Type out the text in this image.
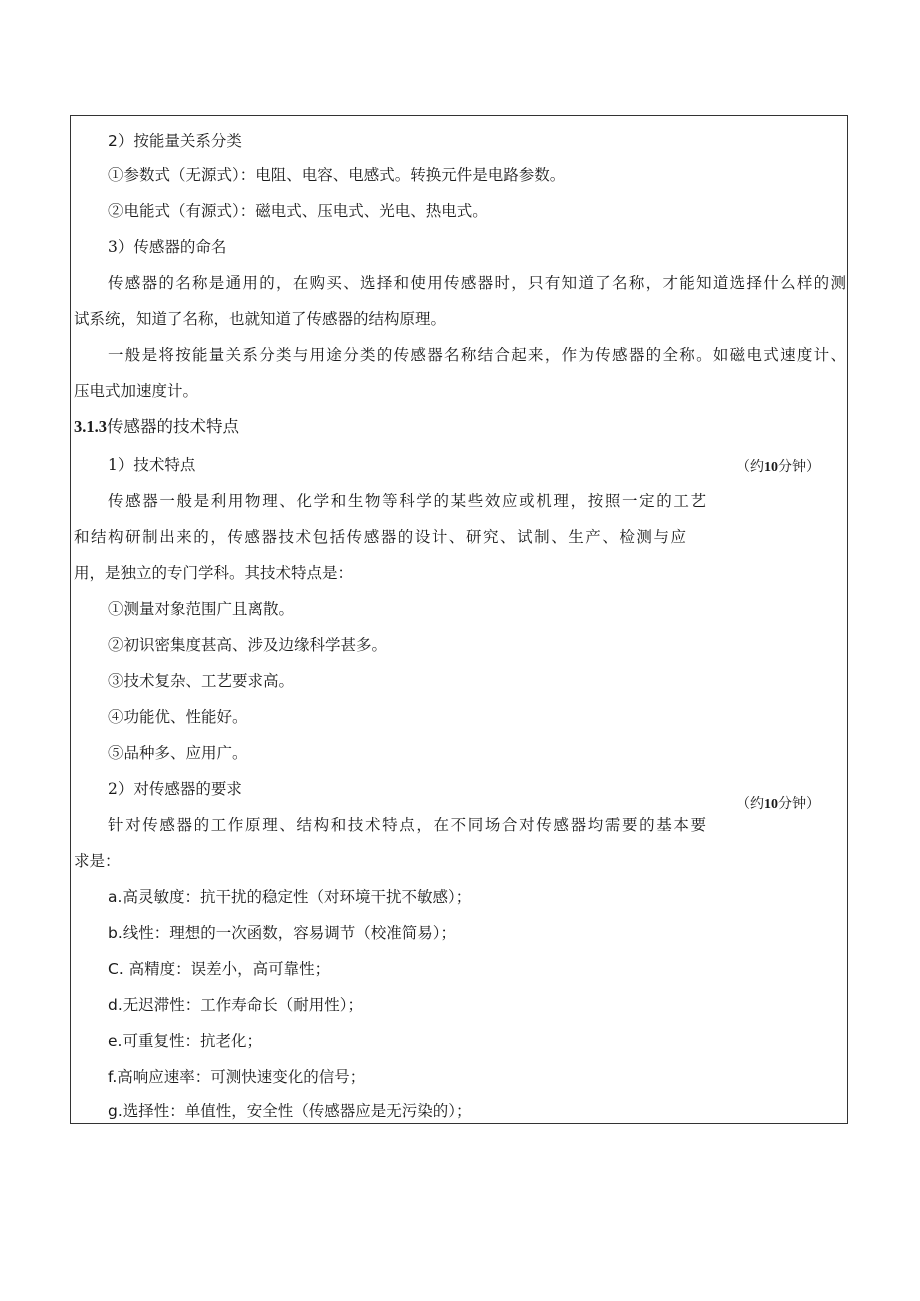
2）按能量关系分类
①参数式（无源式）：电阻、电容、电感式。转换元件是电路参数。
②电能式（有源式）：磁电式、压电式、光电、热电式。
3）传感器的命名
传感器的名称是通用的，在购买、选择和使用传感器时，只有知道了名称，才能知道选择什么样的测
试系统，知道了名称，也就知道了传感器的结构原理。
一般是将按能量关系分类与用途分类的传感器名称结合起来，作为传感器的全称。如磁电式速度计、
压电式加速度计。
3.1.3传感器的技术特点
1）技术特点	（约10分钟）
传感器一般是利用物理、化学和生物等科学的某些效应或机理，按照一定的工艺
和结构研制出来的，传感器技术包括传感器的设计、研究、试制、生产、检测与应
用，是独立的专门学科。其技术特点是：
①测量对象范围广且离散。
②初识密集度甚高、涉及边缘科学甚多。
③技术复杂、工艺要求高。
④功能优、性能好。
⑤品种多、应用广。
2）对传感器的要求
（约10分钟）
针对传感器的工作原理、结构和技术特点，在不同场合对传感器均需要的基本要
求是：
a.高灵敏度：抗干扰的稳定性（对环境干扰不敏感）；
b.线性：理想的一次函数，容易调节（校准简易）；
C. 高精度：误差小，高可靠性；
d.无迟滞性：工作寿命长（耐用性）；
e.可重复性：抗老化；
f.高响应速率：可测快速变化的信号；
g.选择性：单值性，安全性（传感器应是无污染的）；
